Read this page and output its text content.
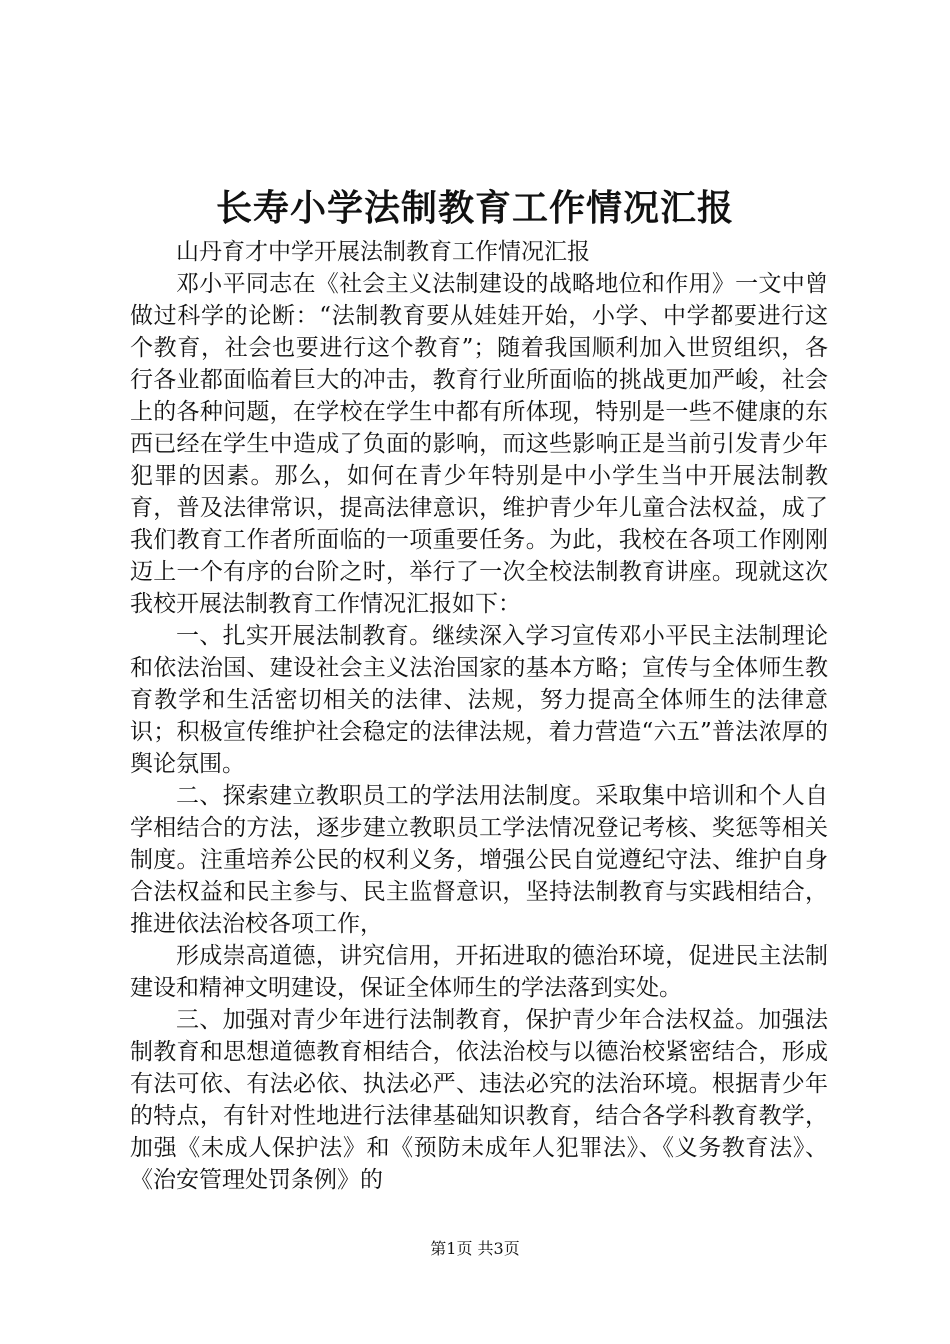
长寿小学法制教育工作情况汇报

山丹育才中学开展法制教育工作情况汇报

邓小平同志在《社会主义法制建设的战略地位和作用》一文中曾做过科学的论断：“法制教育要从娃娃开始，小学、中学都要进行这个教育，社会也要进行这个教育”；随着我国顺利加入世贸组织，各行各业都面临着巨大的冲击，教育行业所面临的挑战更加严峻，社会上的各种问题，在学校在学生中都有所体现，特别是一些不健康的东西已经在学生中造成了负面的影响，而这些影响正是当前引发青少年犯罪的因素。那么，如何在青少年特别是中小学生当中开展法制教育，普及法律常识，提高法律意识，维护青少年儿童合法权益，成了我们教育工作者所面临的一项重要任务。为此，我校在各项工作刚刚迈上一个有序的台阶之时，举行了一次全校法制教育讲座。现就这次我校开展法制教育工作情况汇报如下：

一、扎实开展法制教育。继续深入学习宣传邓小平民主法制理论和依法治国、建设社会主义法治国家的基本方略；宣传与全体师生教育教学和生活密切相关的法律、法规，努力提高全体师生的法律意识；积极宣传维护社会稳定的法律法规，着力营造“六五”普法浓厚的舆论氛围。

二、探索建立教职员工的学法用法制度。采取集中培训和个人自学相结合的方法，逐步建立教职员工学法情况登记考核、奖惩等相关制度。注重培养公民的权利义务，增强公民自觉遵纪守法、维护自身合法权益和民主参与、民主监督意识，坚持法制教育与实践相结合，推进依法治校各项工作，

形成崇高道德，讲究信用，开拓进取的德治环境，促进民主法制建设和精神文明建设，保证全体师生的学法落到实处。

三、加强对青少年进行法制教育，保护青少年合法权益。加强法制教育和思想道德教育相结合，依法治校与以德治校紧密结合，形成有法可依、有法必依、执法必严、违法必究的法治环境。根据青少年的特点，有针对性地进行法律基础知识教育，结合各学科教育教学，加强《未成人保护法》和《预防未成年人犯罪法》、《义务教育法》、《治安管理处罚条例》的

第1页 共3页
